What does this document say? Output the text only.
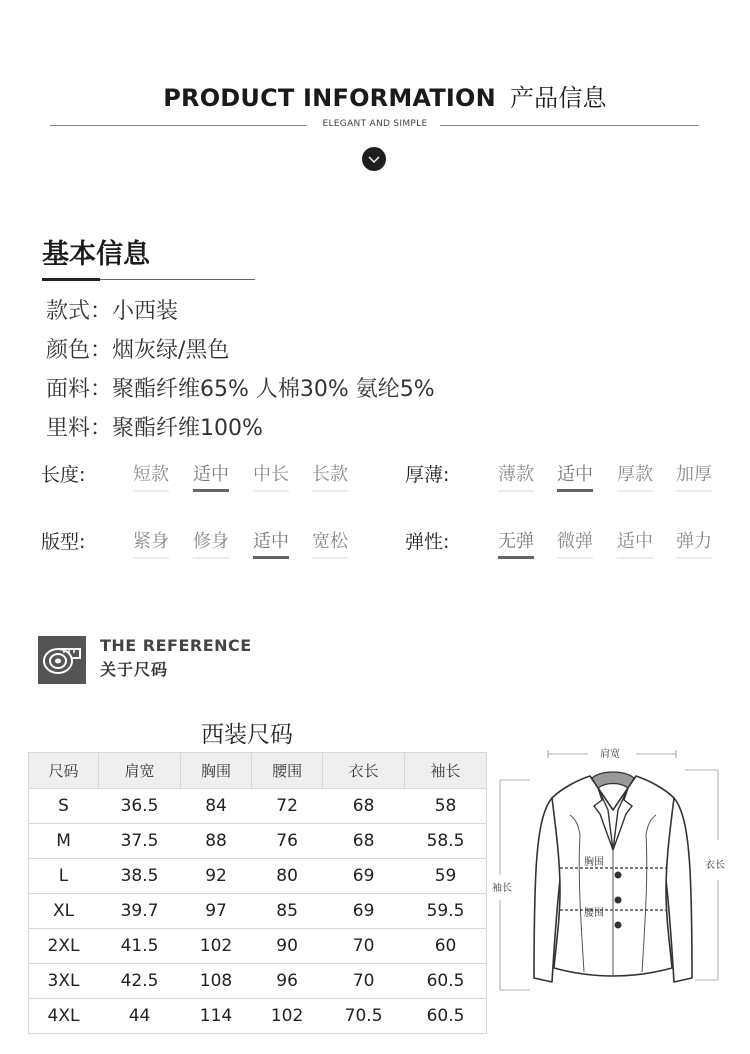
PRODUCT INFORMATION 产品信息
ELEGANT AND SIMPLE
基本信息
款式：小西装
颜色：烟灰绿/黑色
面料：聚酯纤维65% 人棉30% 氨纶5%
里料：聚酯纤维100%
长度:	短款 适中 中长 长款	厚薄:	薄款 适中 厚款 加厚
版型:	紧身 修身 适中 宽松	弹性:	无弹 微弹 适中 弹力
THE REFERENCE
关于尺码
西装尺码
尺码	肩宽	胸围	腰围	衣长	袖长
S	36.5	84	72	68	58
M	37.5	88	76	68	58.5
L	38.5	92	80	69	59
XL	39.7	97	85	69	59.5
2XL	41.5	102	90	70	60
3XL	42.5	108	96	70	60.5
4XL	44	114	102	70.5	60.5
肩宽
衣长
袖长
胸围
腰围
